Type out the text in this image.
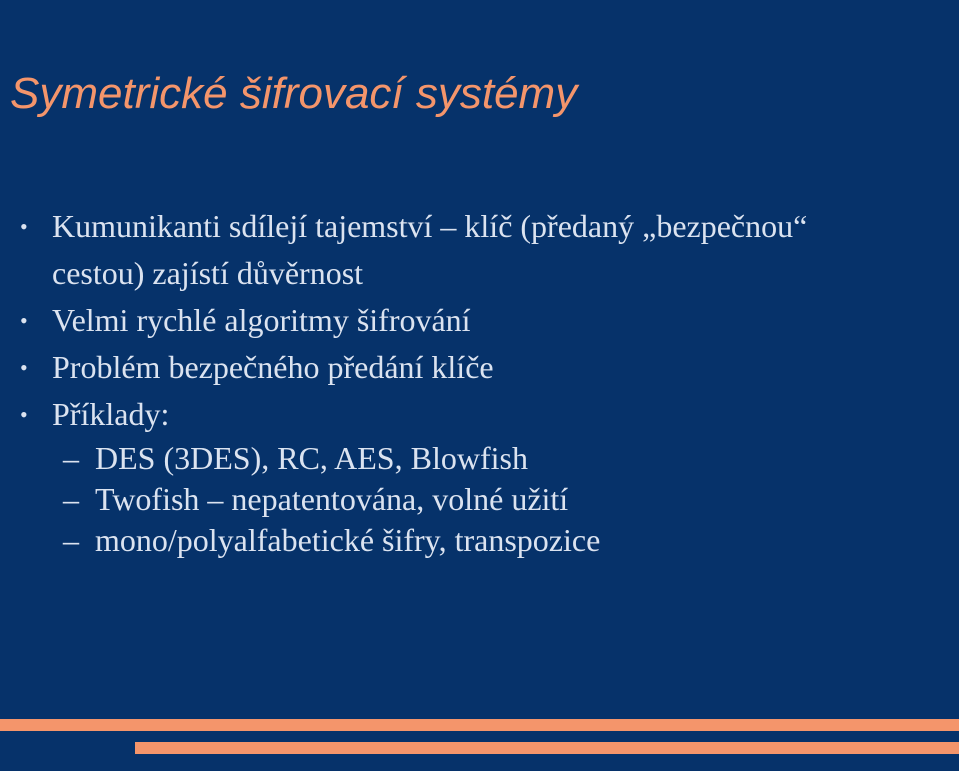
Symetrické šifrovací systémy
• Kumunikanti sdílejí tajemství – klíč (předaný „bezpečnou“ cestou) zajístí důvěrnost
• Velmi rychlé algoritmy šifrování
• Problém bezpečného předání klíče
• Příklady:
– DES (3DES), RC, AES, Blowfish
– Twofish – nepatentována, volné užití
– mono/polyalfabetické šifry, transpozice
